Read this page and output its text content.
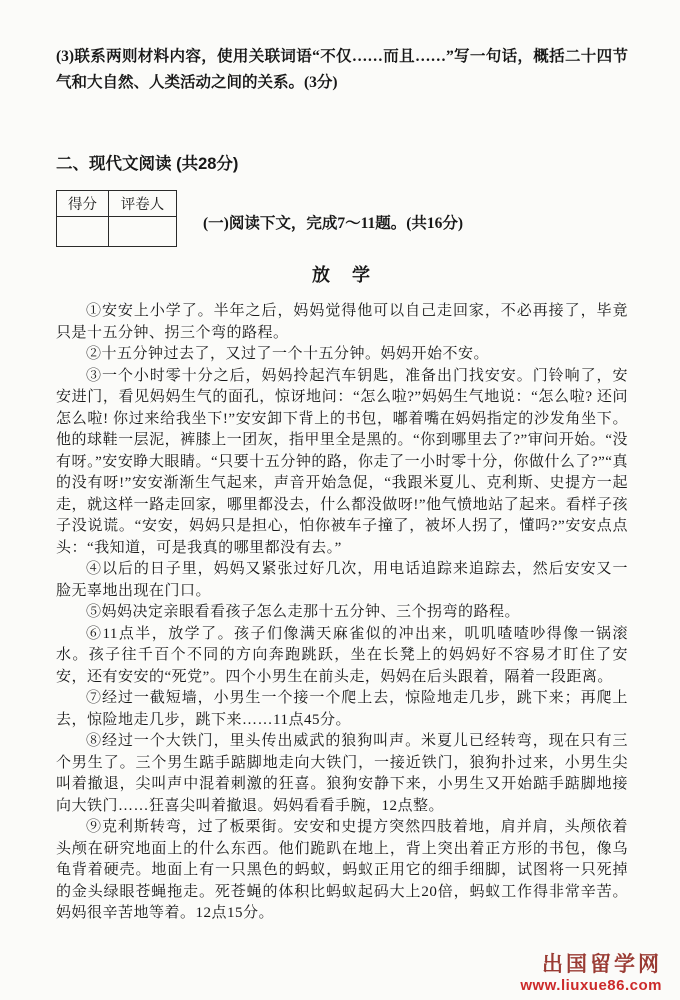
(3)联系两则材料内容，使用关联词语“不仅……而且……”写一句话，概括二十四节气和大自然、人类活动之间的关系。(3分)

二、现代文阅读 (共28分)
得分	评卷人

(一)阅读下文，完成7～11题。(共16分)

放　学

①安安上小学了。半年之后，妈妈觉得他可以自己走回家，不必再接了，毕竟只是十五分钟、拐三个弯的路程。

②十五分钟过去了，又过了一个十五分钟。妈妈开始不安。

③一个小时零十分之后，妈妈拎起汽车钥匙，准备出门找安安。门铃响了，安安进门，看见妈妈生气的面孔，惊讶地问：“怎么啦?”妈妈生气地说：“怎么啦? 还问怎么啦! 你过来给我坐下!”安安卸下背上的书包，嘟着嘴在妈妈指定的沙发角坐下。他的球鞋一层泥，裤膝上一团灰，指甲里全是黑的。“你到哪里去了?”审问开始。“没有呀。”安安睁大眼睛。“只要十五分钟的路，你走了一小时零十分，你做什么了?”“真的没有呀!”安安渐渐生气起来，声音开始急促，“我跟米夏儿、克利斯、史提方一起走，就这样一路走回家，哪里都没去，什么都没做呀!”他气愤地站了起来。看样子孩子没说谎。“安安，妈妈只是担心，怕你被车子撞了，被坏人拐了，懂吗?”安安点点头：“我知道，可是我真的哪里都没有去。”

④以后的日子里，妈妈又紧张过好几次，用电话追踪来追踪去，然后安安又一脸无辜地出现在门口。

⑤妈妈决定亲眼看看孩子怎么走那十五分钟、三个拐弯的路程。

⑥11点半，放学了。孩子们像满天麻雀似的冲出来，叽叽喳喳吵得像一锅滚水。孩子往千百个不同的方向奔跑跳跃，坐在长凳上的妈妈好不容易才盯住了安安，还有安安的“死党”。四个小男生在前头走，妈妈在后头跟着，隔着一段距离。

⑦经过一截短墙，小男生一个接一个爬上去，惊险地走几步，跳下来；再爬上去，惊险地走几步，跳下来……11点45分。

⑧经过一个大铁门，里头传出威武的狼狗叫声。米夏儿已经转弯，现在只有三个男生了。三个男生踮手踮脚地走向大铁门，一接近铁门，狼狗扑过来，小男生尖叫着撤退，尖叫声中混着刺激的狂喜。狼狗安静下来，小男生又开始踮手踮脚地接向大铁门……狂喜尖叫着撤退。妈妈看看手腕，12点整。

⑨克利斯转弯，过了板栗街。安安和史提方突然四肢着地，肩并肩，头颅依着头颅在研究地面上的什么东西。他们跪趴在地上，背上突出着正方形的书包，像乌龟背着硬壳。地面上有一只黑色的蚂蚁，蚂蚁正用它的细手细脚，试图将一只死掉的金头绿眼苍蝇拖走。死苍蝇的体积比蚂蚁起码大上20倍，蚂蚁工作得非常辛苦。妈妈很辛苦地等着。12点15分。

出国留学网
www.liuxue86.com
